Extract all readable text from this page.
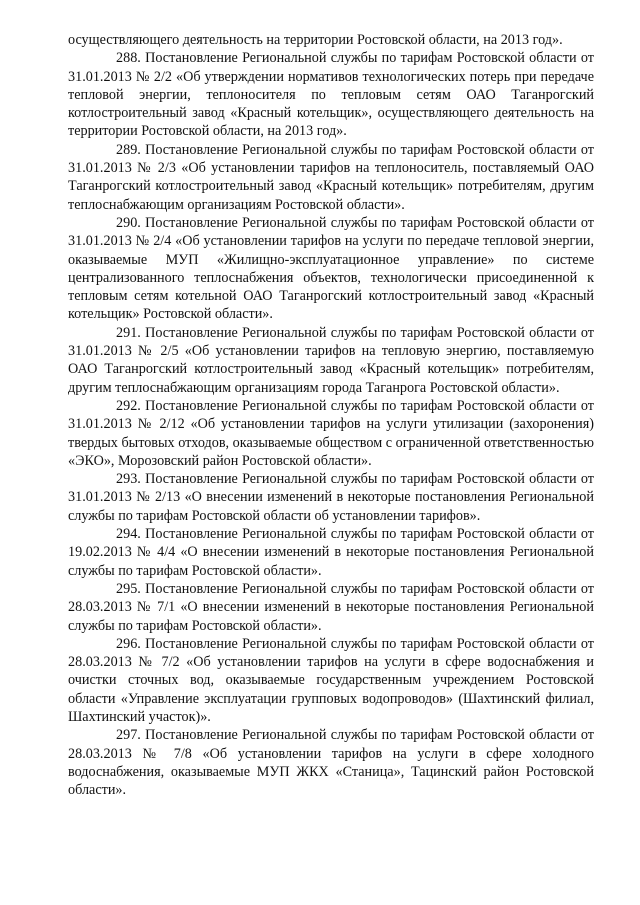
осуществляющего деятельность на территории Ростовской области, на 2013 год».

288. Постановление Региональной службы по тарифам Ростовской области от 31.01.2013 № 2/2 «Об утверждении нормативов технологических потерь при передаче тепловой энергии, теплоносителя по тепловым сетям ОАО Таганрогский котлостроительный завод «Красный котельщик», осуществляющего деятельность на территории Ростовской области, на 2013 год».

289. Постановление Региональной службы по тарифам Ростовской области от 31.01.2013 № 2/3 «Об установлении тарифов на теплоноситель, поставляемый ОАО Таганрогский котлостроительный завод «Красный котельщик» потребителям, другим теплоснабжающим организациям Ростовской области».

290. Постановление Региональной службы по тарифам Ростовской области от 31.01.2013 № 2/4 «Об установлении тарифов на услуги по передаче тепловой энергии, оказываемые МУП «Жилищно-эксплуатационное управление» по системе централизованного теплоснабжения объектов, технологически присоединенной к тепловым сетям котельной ОАО Таганрогский котлостроительный завод «Красный котельщик» Ростовской области».

291. Постановление Региональной службы по тарифам Ростовской области от 31.01.2013 № 2/5 «Об установлении тарифов на тепловую энергию, поставляемую ОАО Таганрогский котлостроительный завод «Красный котельщик» потребителям, другим теплоснабжающим организациям города Таганрога Ростовской области».

292. Постановление Региональной службы по тарифам Ростовской области от 31.01.2013 № 2/12 «Об установлении тарифов на услуги утилизации (захоронения) твердых бытовых отходов, оказываемые обществом с ограниченной ответственностью «ЭКО», Морозовский район Ростовской области».

293. Постановление Региональной службы по тарифам Ростовской области от 31.01.2013 № 2/13 «О внесении изменений в некоторые постановления Региональной службы по тарифам Ростовской области об установлении тарифов».

294. Постановление Региональной службы по тарифам Ростовской области от 19.02.2013 № 4/4 «О внесении изменений в некоторые постановления Региональной службы по тарифам Ростовской области».

295. Постановление Региональной службы по тарифам Ростовской области от 28.03.2013 № 7/1 «О внесении изменений в некоторые постановления Региональной службы по тарифам Ростовской области».

296. Постановление Региональной службы по тарифам Ростовской области от 28.03.2013 № 7/2 «Об установлении тарифов на услуги в сфере водоснабжения и очистки сточных вод, оказываемые государственным учреждением Ростовской области «Управление эксплуатации групповых водопроводов» (Шахтинский филиал, Шахтинский участок)».

297. Постановление Региональной службы по тарифам Ростовской области от 28.03.2013 № 7/8 «Об установлении тарифов на услуги в сфере холодного водоснабжения, оказываемые МУП ЖКХ «Станица», Тацинский район Ростовской области».
